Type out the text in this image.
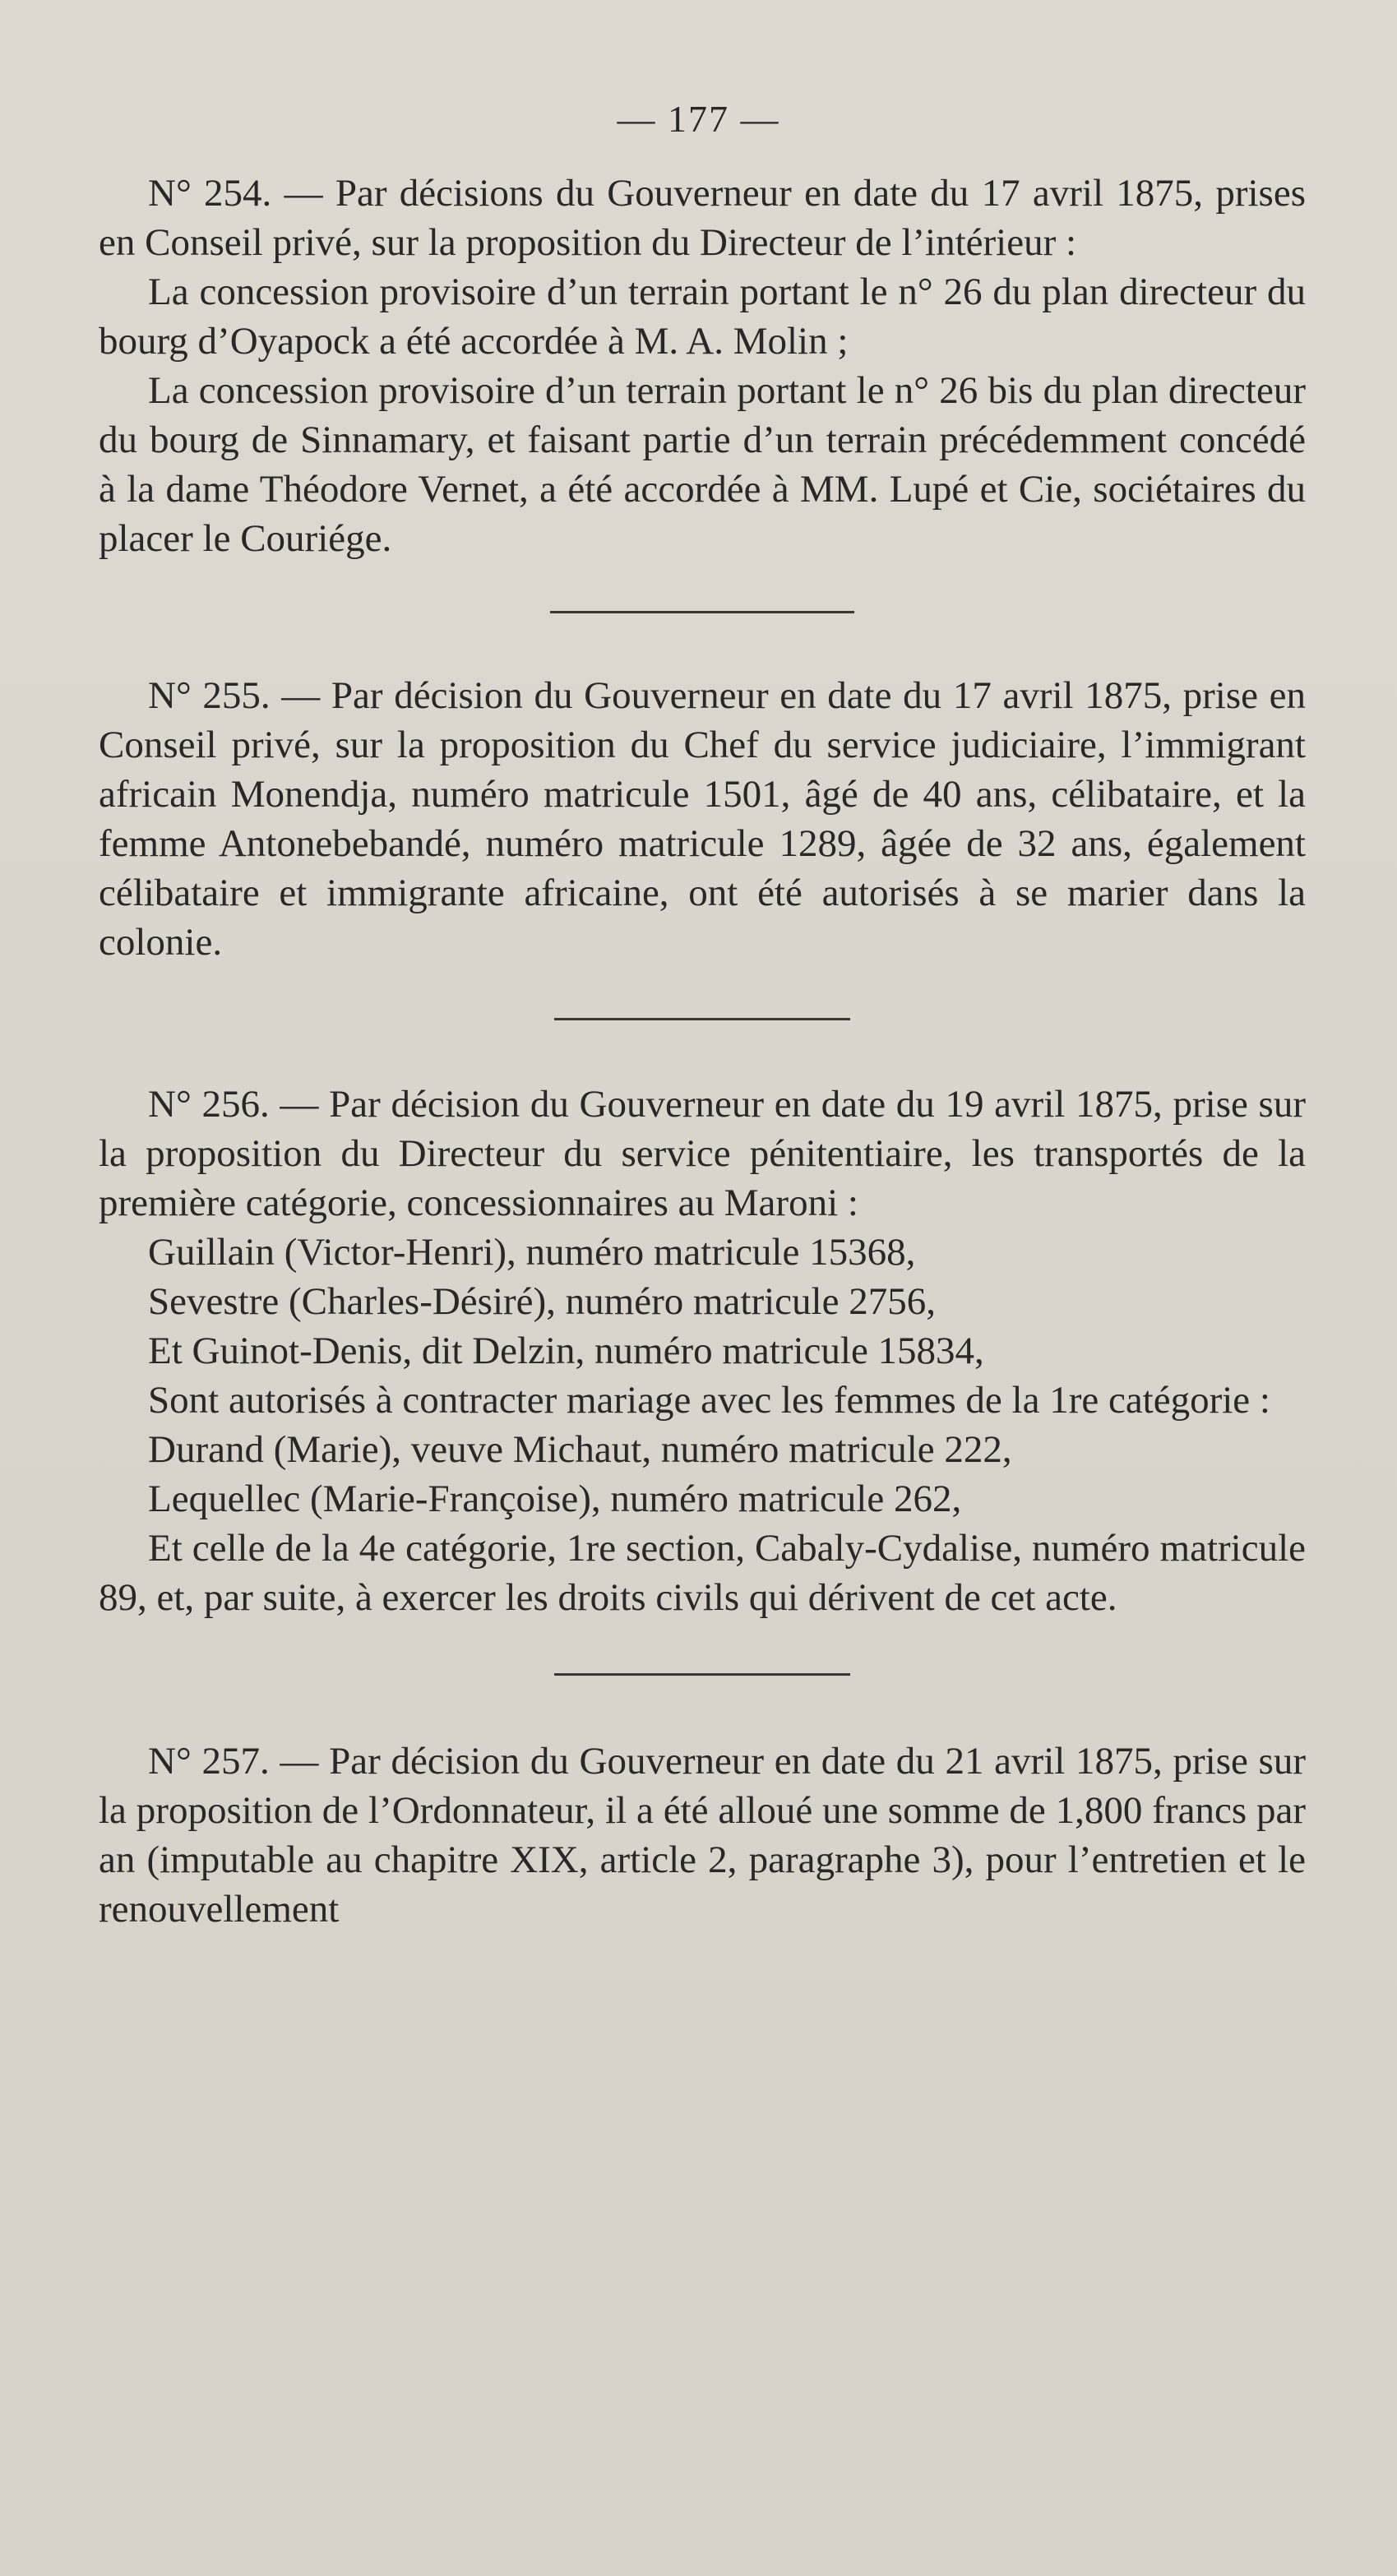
— 177 —

N° 254. — Par décisions du Gouverneur en date du 17 avril 1875, prises en Conseil privé, sur la proposition du Directeur de l’intérieur :

La concession provisoire d’un terrain portant le n° 26 du plan directeur du bourg d’Oyapock a été accordée à M. A. Molin ;

La concession provisoire d’un terrain portant le n° 26 bis du plan directeur du bourg de Sinnamary, et faisant partie d’un terrain précédemment concédé à la dame Théodore Vernet, a été accordée à MM. Lupé et Cie, sociétaires du placer le Couriége.

N° 255. — Par décision du Gouverneur en date du 17 avril 1875, prise en Conseil privé, sur la proposition du Chef du service judiciaire, l’immigrant africain Monendja, numéro matricule 1501, âgé de 40 ans, célibataire, et la femme Antonebebandé, numéro matricule 1289, âgée de 32 ans, également célibataire et immigrante africaine, ont été autorisés à se marier dans la colonie.

N° 256. — Par décision du Gouverneur en date du 19 avril 1875, prise sur la proposition du Directeur du service pénitentiaire, les transportés de la première catégorie, concessionnaires au Maroni :

Guillain (Victor-Henri), numéro matricule 15368,

Sevestre (Charles-Désiré), numéro matricule 2756,

Et Guinot-Denis, dit Delzin, numéro matricule 15834,

Sont autorisés à contracter mariage avec les femmes de la 1re catégorie :

Durand (Marie), veuve Michaut, numéro matricule 222,

Lequellec (Marie-Françoise), numéro matricule 262,

Et celle de la 4e catégorie, 1re section, Cabaly-Cydalise, numéro matricule 89, et, par suite, à exercer les droits civils qui dérivent de cet acte.

N° 257. — Par décision du Gouverneur en date du 21 avril 1875, prise sur la proposition de l’Ordonnateur, il a été alloué une somme de 1,800 francs par an (imputable au chapitre XIX, article 2, paragraphe 3), pour l’entretien et le renouvellement
